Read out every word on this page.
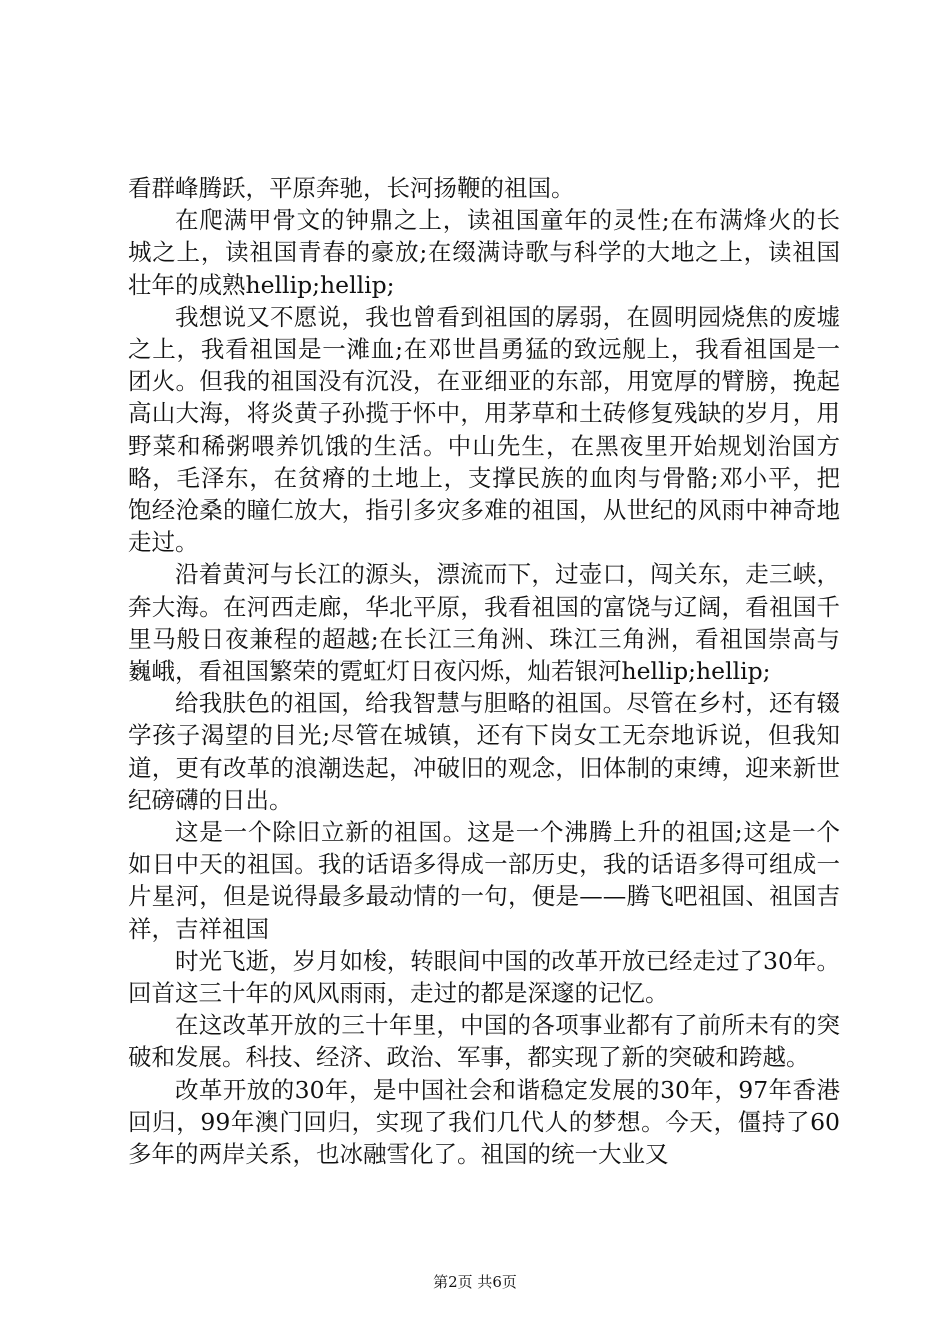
看群峰腾跃，平原奔驰，长河扬鞭的祖国。

在爬满甲骨文的钟鼎之上，读祖国童年的灵性;在布满烽火的长城之上，读祖国青春的豪放;在缀满诗歌与科学的大地之上，读祖国壮年的成熟hellip;hellip;

我想说又不愿说，我也曾看到祖国的孱弱，在圆明园烧焦的废墟之上，我看祖国是一滩血;在邓世昌勇猛的致远舰上，我看祖国是一团火。但我的祖国没有沉没，在亚细亚的东部，用宽厚的臂膀，挽起高山大海，将炎黄子孙揽于怀中，用茅草和土砖修复残缺的岁月，用野菜和稀粥喂养饥饿的生活。中山先生，在黑夜里开始规划治国方略，毛泽东，在贫瘠的土地上，支撑民族的血肉与骨骼;邓小平，把饱经沧桑的瞳仁放大，指引多灾多难的祖国，从世纪的风雨中神奇地走过。

沿着黄河与长江的源头，漂流而下，过壶口，闯关东，走三峡，奔大海。在河西走廊，华北平原，我看祖国的富饶与辽阔，看祖国千里马般日夜兼程的超越;在长江三角洲、珠江三角洲，看祖国崇高与巍峨，看祖国繁荣的霓虹灯日夜闪烁，灿若银河hellip;hellip;

给我肤色的祖国，给我智慧与胆略的祖国。尽管在乡村，还有辍学孩子渴望的目光;尽管在城镇，还有下岗女工无奈地诉说，但我知道，更有改革的浪潮迭起，冲破旧的观念，旧体制的束缚，迎来新世纪磅礴的日出。

这是一个除旧立新的祖国。这是一个沸腾上升的祖国;这是一个如日中天的祖国。我的话语多得成一部历史，我的话语多得可组成一片星河，但是说得最多最动情的一句，便是——腾飞吧祖国、祖国吉祥，吉祥祖国

时光飞逝，岁月如梭，转眼间中国的改革开放已经走过了30年。回首这三十年的风风雨雨，走过的都是深邃的记忆。

在这改革开放的三十年里，中国的各项事业都有了前所未有的突破和发展。科技、经济、政治、军事，都实现了新的突破和跨越。

改革开放的30年，是中国社会和谐稳定发展的30年，97年香港回归，99年澳门回归，实现了我们几代人的梦想。今天，僵持了60多年的两岸关系，也冰融雪化了。祖国的统一大业又

第2页 共6页
